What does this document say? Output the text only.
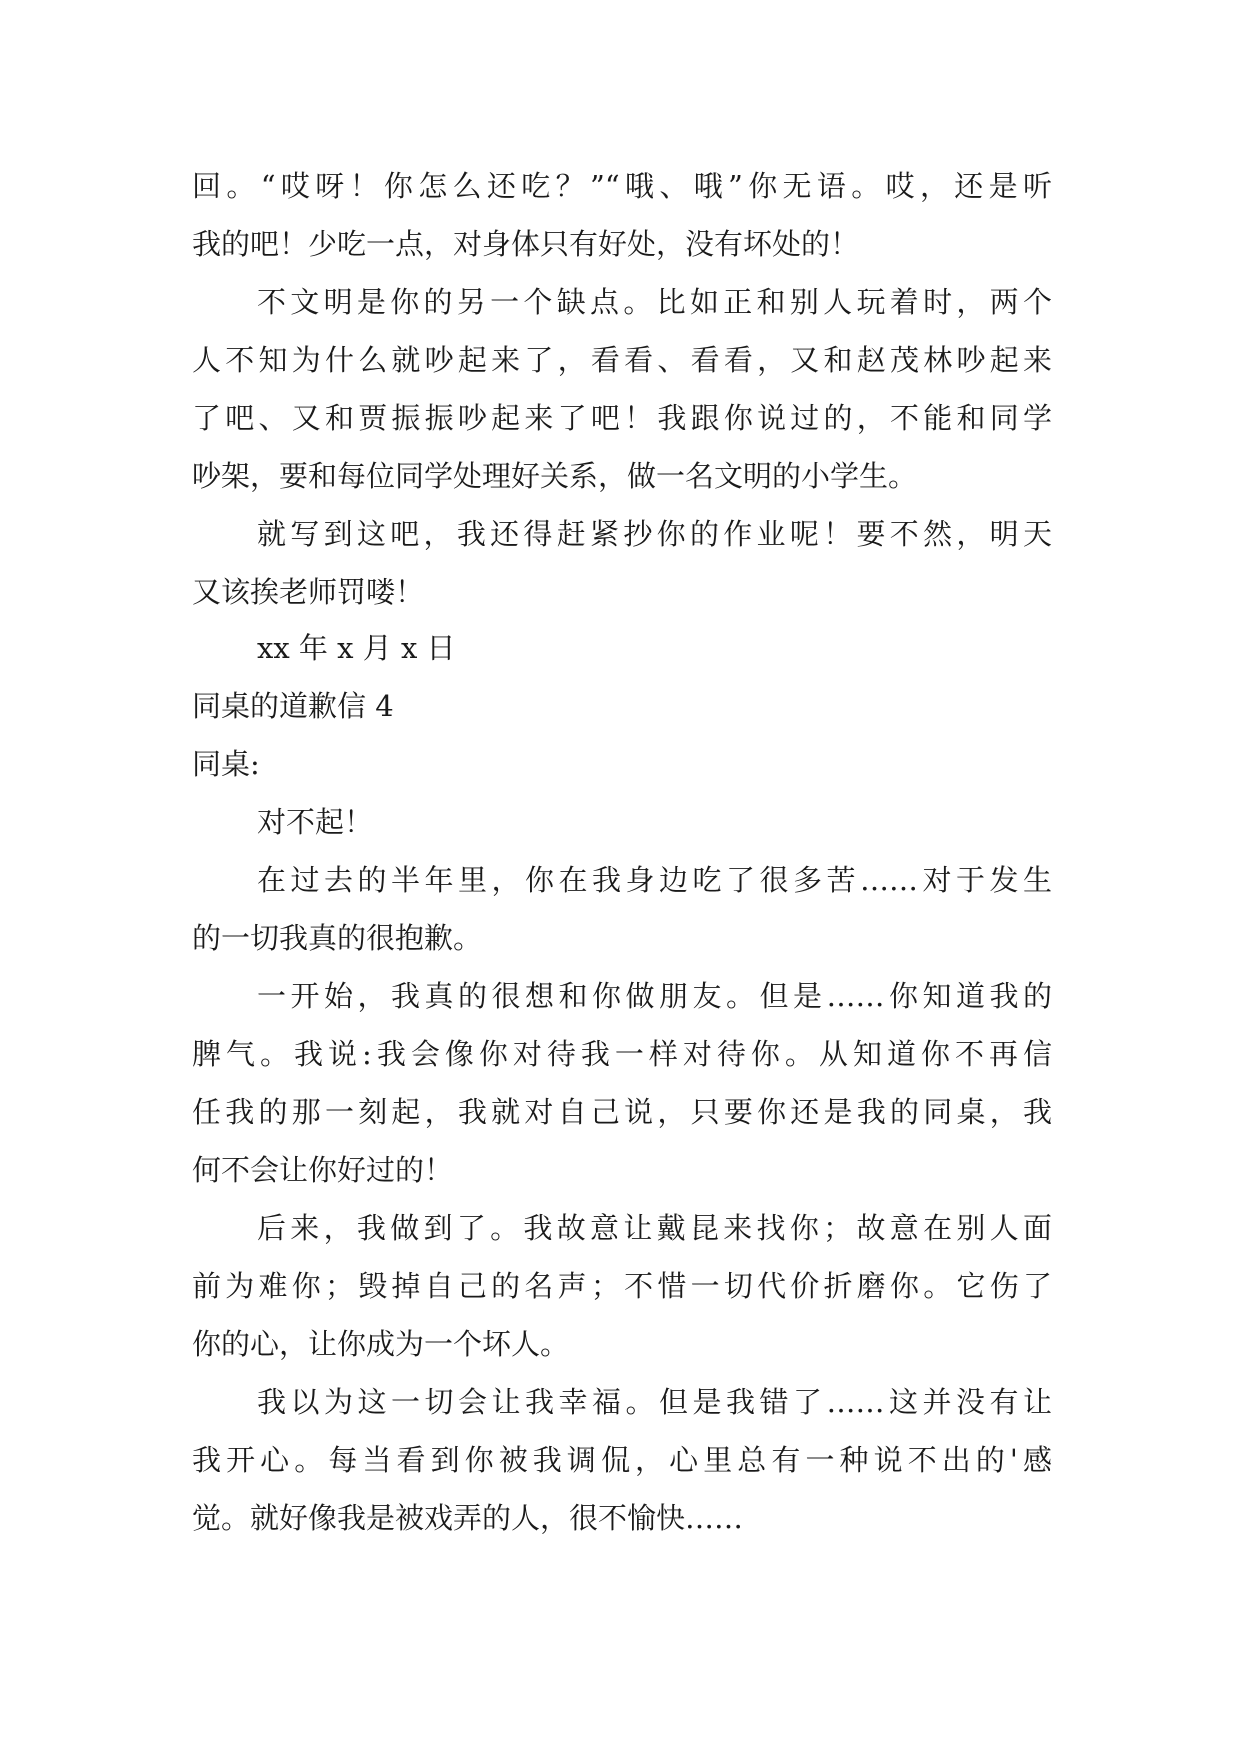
回。“哎呀！你怎么还吃？”“哦、哦”你无语。哎，还是听
我的吧！少吃一点，对身体只有好处，没有坏处的！
不文明是你的另一个缺点。比如正和别人玩着时，两个
人不知为什么就吵起来了，看看、看看，又和赵茂林吵起来
了吧、又和贾振振吵起来了吧！我跟你说过的，不能和同学
吵架，要和每位同学处理好关系，做一名文明的小学生。
就写到这吧，我还得赶紧抄你的作业呢！要不然，明天
又该挨老师罚喽！
xx 年 x 月 x 日
同桌的道歉信 4
同桌:
对不起！
在过去的半年里，你在我身边吃了很多苦……对于发生
的一切我真的很抱歉。
一开始，我真的很想和你做朋友。但是……你知道我的
脾气。我说:我会像你对待我一样对待你。从知道你不再信
任我的那一刻起，我就对自己说，只要你还是我的同桌，我
何不会让你好过的！
后来，我做到了。我故意让戴昆来找你；故意在别人面
前为难你；毁掉自己的名声；不惜一切代价折磨你。它伤了
你的心，让你成为一个坏人。
我以为这一切会让我幸福。但是我错了……这并没有让
我开心。每当看到你被我调侃，心里总有一种说不出的'感
觉。就好像我是被戏弄的人，很不愉快……
